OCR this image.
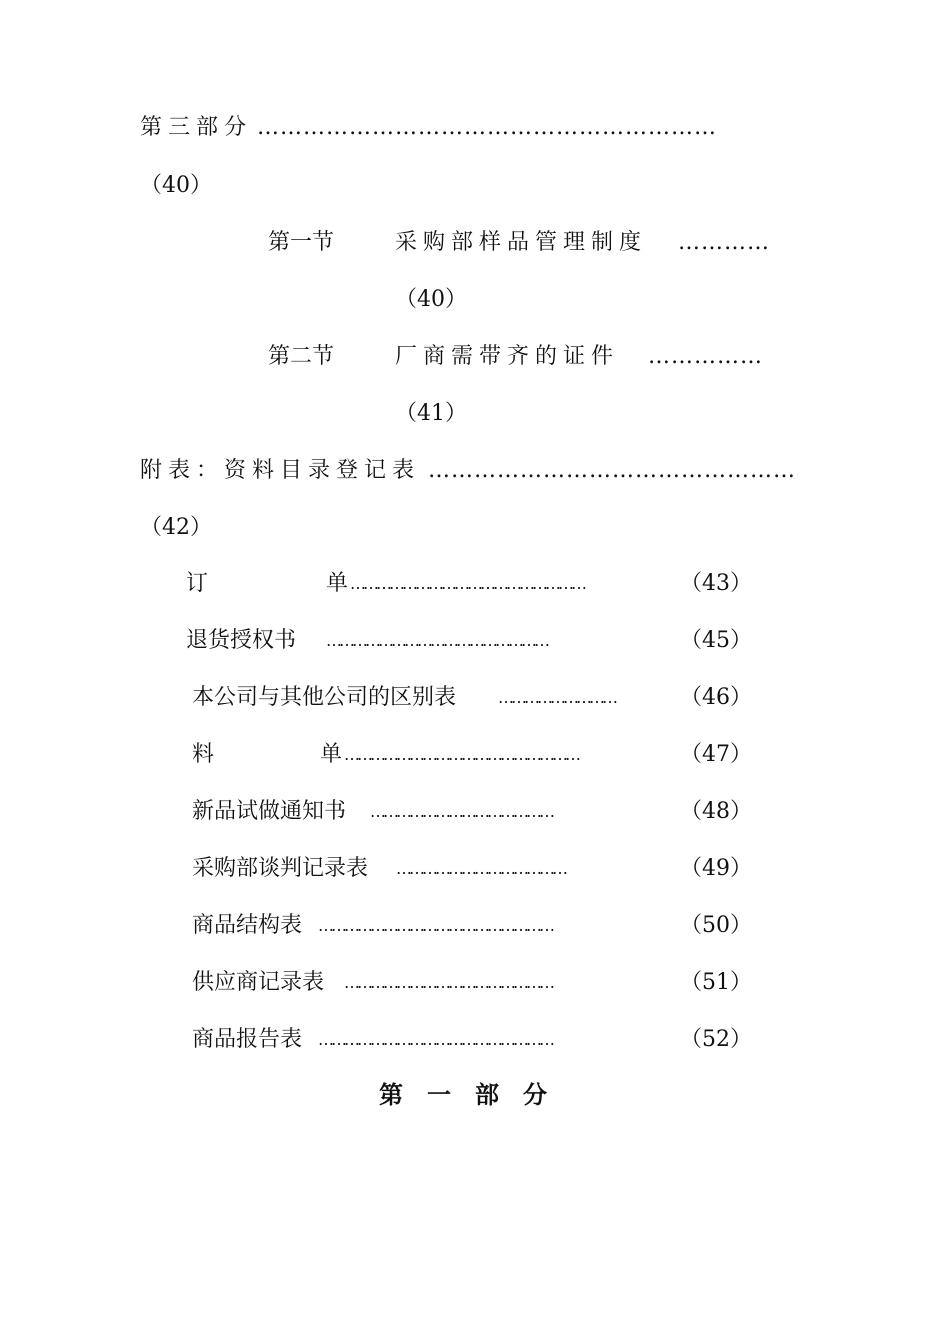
第三部分 ……………………………………………………
（40）
第一节	采购部样品管理制度 …………
（40）
第二节	厂商需带齐的证件 ……………
（41）
附表：资料目录登记表 …………………………………………
（42）
订	单 ………………………………………………	（43）
退货授权书 ……………………………………………	（45）
本公司与其他公司的区别表	………………………	（46）
料	单 ………………………………………………	（47）
新品试做通知书 ……………………………………	（48）
采购部谈判记录表 …………………………………	（49）
商品结构表 ………………………………………………	（50）
供应商记录表 …………………………………………	（51）
商品报告表 ………………………………………………	（52）
第一部分
